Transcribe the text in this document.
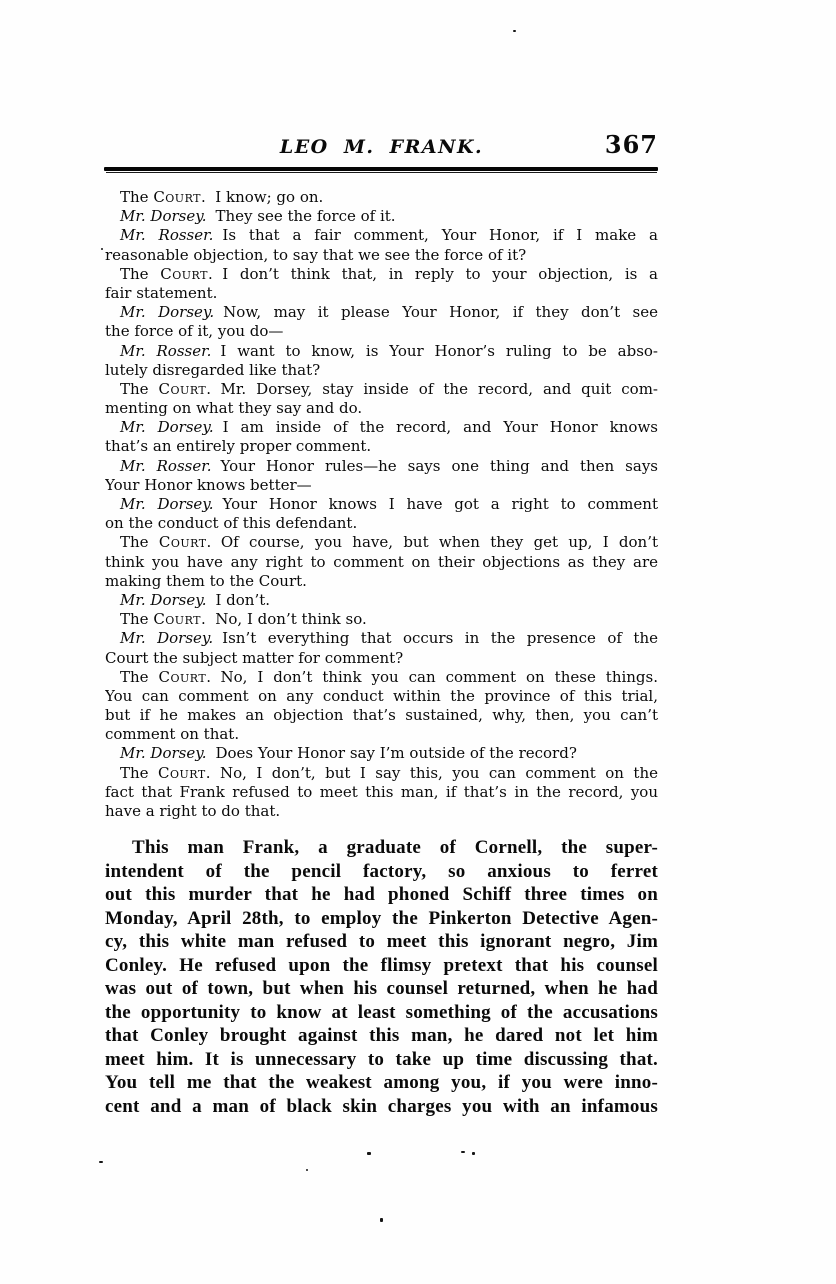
LEO M. FRANK.	367
The Court. I know; go on.
Mr. Dorsey. They see the force of it.
Mr. Rosser. Is that a fair comment, Your Honor, if I make a
reasonable objection, to say that we see the force of it?
The Court. I don’t think that, in reply to your objection, is a
fair statement.
Mr. Dorsey. Now, may it please Your Honor, if they don’t see
the force of it, you do—
Mr. Rosser. I want to know, is Your Honor’s ruling to be abso-
lutely disregarded like that?
The Court. Mr. Dorsey, stay inside of the record, and quit com-
menting on what they say and do.
Mr. Dorsey. I am inside of the record, and Your Honor knows
that’s an entirely proper comment.
Mr. Rosser. Your Honor rules—he says one thing and then says
Your Honor knows better—
Mr. Dorsey. Your Honor knows I have got a right to comment
on the conduct of this defendant.
The Court. Of course, you have, but when they get up, I don’t
think you have any right to comment on their objections as they are
making them to the Court.
Mr. Dorsey. I don’t.
The Court. No, I don’t think so.
Mr. Dorsey. Isn’t everything that occurs in the presence of the
Court the subject matter for comment?
The Court. No, I don’t think you can comment on these things.
You can comment on any conduct within the province of this trial,
but if he makes an objection that’s sustained, why, then, you can’t
comment on that.
Mr. Dorsey. Does Your Honor say I’m outside of the record?
The Court. No, I don’t, but I say this, you can comment on the
fact that Frank refused to meet this man, if that’s in the record, you
have a right to do that.
This man Frank, a graduate of Cornell, the super-
intendent of the pencil factory, so anxious to ferret
out this murder that he had phoned Schiff three times on
Monday, April 28th, to employ the Pinkerton Detective Agen-
cy, this white man refused to meet this ignorant negro, Jim
Conley. He refused upon the flimsy pretext that his counsel
was out of town, but when his counsel returned, when he had
the opportunity to know at least something of the accusations
that Conley brought against this man, he dared not let him
meet him. It is unnecessary to take up time discussing that.
You tell me that the weakest among you, if you were inno-
cent and a man of black skin charges you with an infamous
